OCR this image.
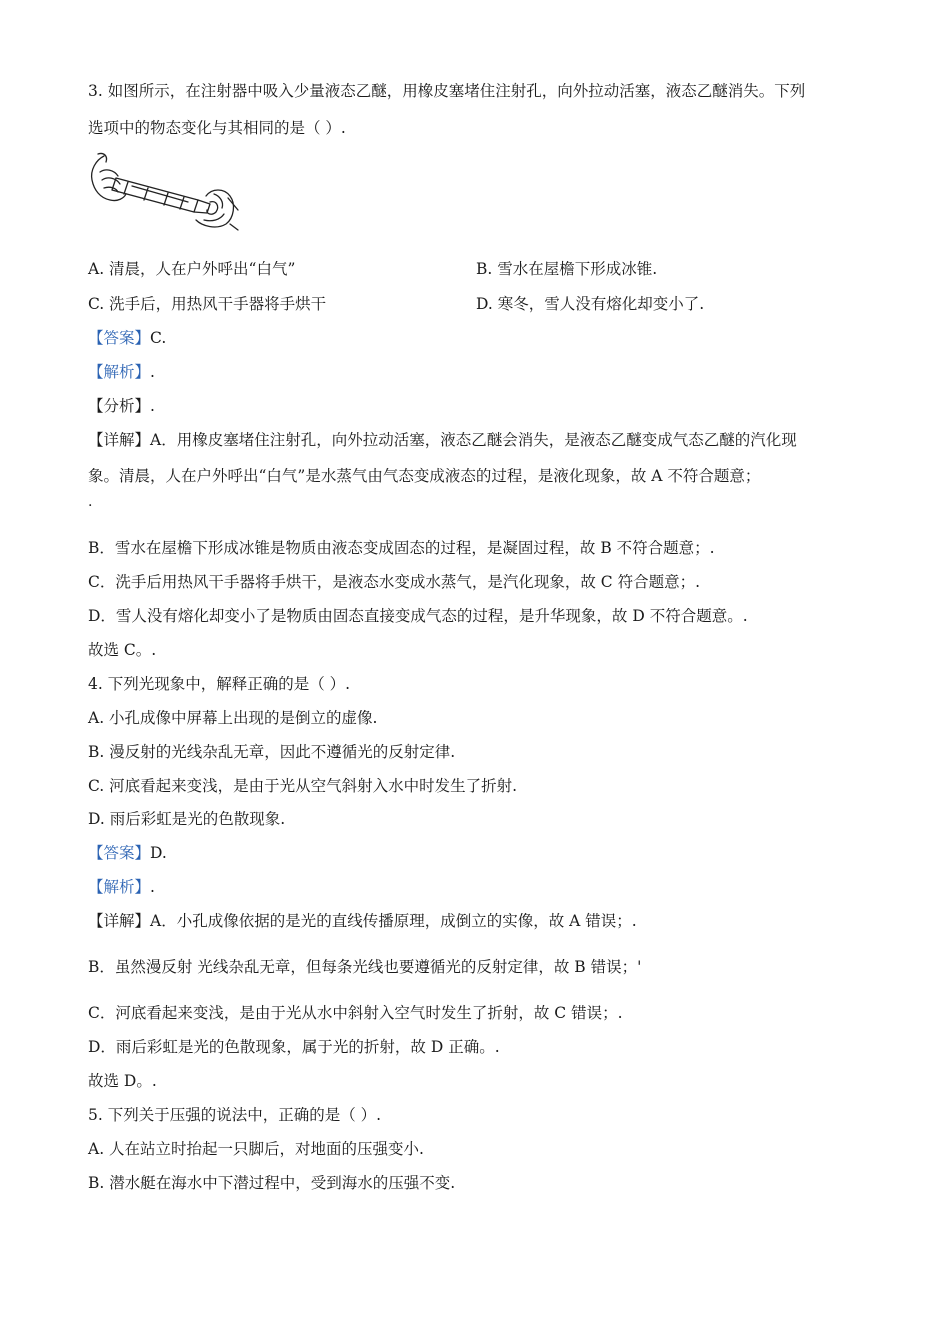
3. 如图所示，在注射器中吸入少量液态乙醚，用橡皮塞堵住注射孔，向外拉动活塞，液态乙醚消失。下列
选项中的物态变化与其相同的是（ ）.
A. 清晨，人在户外呼出“白气”	B. 雪水在屋檐下形成冰锥.
C. 洗手后，用热风干手器将手烘干	D. 寒冬，雪人没有熔化却变小了.
【答案】C.
【解析】.
【分析】.
【详解】A．用橡皮塞堵住注射孔，向外拉动活塞，液态乙醚会消失，是液态乙醚变成气态乙醚的汽化现
象。清晨，人在户外呼出“白气”是水蒸气由气态变成液态的过程，是液化现象，故 A 不符合题意；
.
B．雪水在屋檐下形成冰锥是物质由液态变成固态的过程，是凝固过程，故 B 不符合题意；.
C．洗手后用热风干手器将手烘干，是液态水变成水蒸气，是汽化现象，故 C 符合题意；.
D．雪人没有熔化却变小了是物质由固态直接变成气态的过程，是升华现象，故 D 不符合题意。.
故选 C。.
4. 下列光现象中，解释正确的是（ ）.
A. 小孔成像中屏幕上出现的是倒立的虚像.
B. 漫反射的光线杂乱无章，因此不遵循光的反射定律.
C. 河底看起来变浅，是由于光从空气斜射入水中时发生了折射.
D. 雨后彩虹是光的色散现象.
【答案】D.
【解析】.
【详解】A．小孔成像依据的是光的直线传播原理，成倒立的实像，故 A 错误；.
B．虽然漫反射 光线杂乱无章，但每条光线也要遵循光的反射定律，故 B 错误；'
C．河底看起来变浅，是由于光从水中斜射入空气时发生了折射，故 C 错误；.
D．雨后彩虹是光的色散现象，属于光的折射，故 D 正确。.
故选 D。.
5. 下列关于压强的说法中，正确的是（ ）.
A. 人在站立时抬起一只脚后，对地面的压强变小.
B. 潜水艇在海水中下潜过程中，受到海水的压强不变.
